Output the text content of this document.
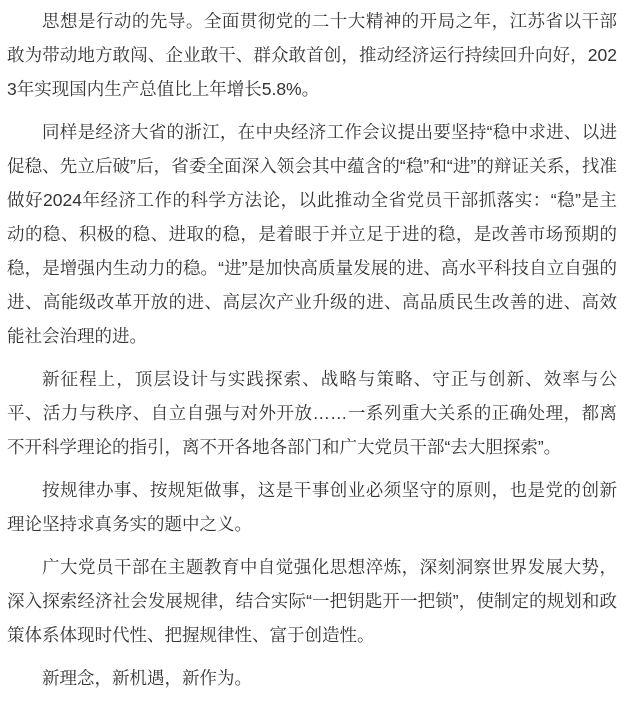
思想是行动的先导。全面贯彻党的二十大精神的开局之年，江苏省以干部敢为带动地方敢闯、企业敢干、群众敢首创，推动经济运行持续回升向好，2023年实现国内生产总值比上年增长5.8%。

同样是经济大省的浙江，在中央经济工作会议提出要坚持“稳中求进、以进促稳、先立后破”后，省委全面深入领会其中蕴含的“稳”和“进”的辩证关系，找准做好2024年经济工作的科学方法论，以此推动全省党员干部抓落实：“稳”是主动的稳、积极的稳、进取的稳，是着眼于并立足于进的稳，是改善市场预期的稳，是增强内生动力的稳。“进”是加快高质量发展的进、高水平科技自立自强的进、高能级改革开放的进、高层次产业升级的进、高品质民生改善的进、高效能社会治理的进。

新征程上，顶层设计与实践探索、战略与策略、守正与创新、效率与公平、活力与秩序、自立自强与对外开放……一系列重大关系的正确处理，都离不开科学理论的指引，离不开各地各部门和广大党员干部“去大胆探索”。

按规律办事、按规矩做事，这是干事创业必须坚守的原则，也是党的创新理论坚持求真务实的题中之义。

广大党员干部在主题教育中自觉强化思想淬炼，深刻洞察世界发展大势，深入探索经济社会发展规律，结合实际“一把钥匙开一把锁”，使制定的规划和政策体系体现时代性、把握规律性、富于创造性。

新理念，新机遇，新作为。
